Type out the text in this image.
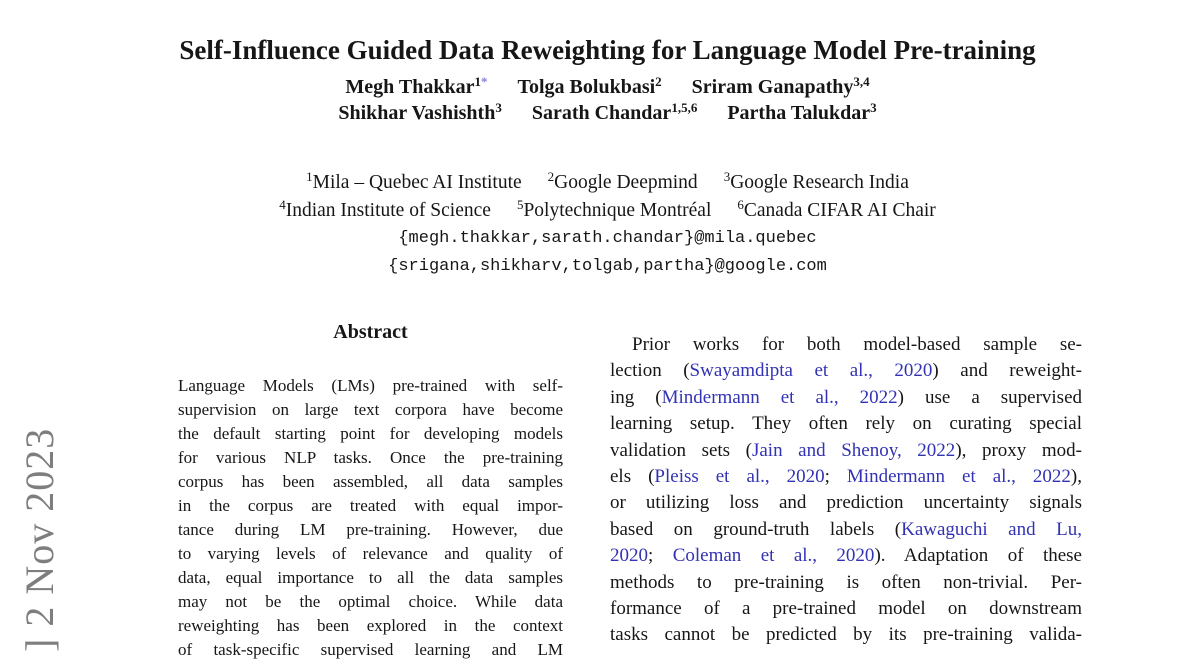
] 2 Nov 2023
Self-Influence Guided Data Reweighting for Language Model Pre-training
Megh Thakkar$^{1*}$ Tolga Bolukbasi$^2$ Sriram Ganapathy$^{3,4}$
Shikhar Vashishth$^3$ Sarath Chandar$^{1,5,6}$ Partha Talukdar$^3$
$^1$Mila – Quebec AI Institute $^2$Google Deepmind $^3$Google Research India
$^4$Indian Institute of Science $^5$Polytechnique Montréal $^6$Canada CIFAR AI Chair
{megh.thakkar,sarath.chandar}@mila.quebec
{srigana,shikharv,tolgab,partha}@google.com
Abstract
Language Models (LMs) pre-trained with self-
supervision on large text corpora have become
the default starting point for developing models
for various NLP tasks. Once the pre-training
corpus has been assembled, all data samples
in the corpus are treated with equal impor-
tance during LM pre-training. However, due
to varying levels of relevance and quality of
data, equal importance to all the data samples
may not be the optimal choice. While data
reweighting has been explored in the context
of task-specific supervised learning and LM
Prior works for both model-based sample se-
lection (Swayamdipta et al., 2020) and reweight-
ing (Mindermann et al., 2022) use a supervised
learning setup. They often rely on curating special
validation sets (Jain and Shenoy, 2022), proxy mod-
els (Pleiss et al., 2020; Mindermann et al., 2022),
or utilizing loss and prediction uncertainty signals
based on ground-truth labels (Kawaguchi and Lu,
2020; Coleman et al., 2020). Adaptation of these
methods to pre-training is often non-trivial. Per-
formance of a pre-trained model on downstream
tasks cannot be predicted by its pre-training valida-
